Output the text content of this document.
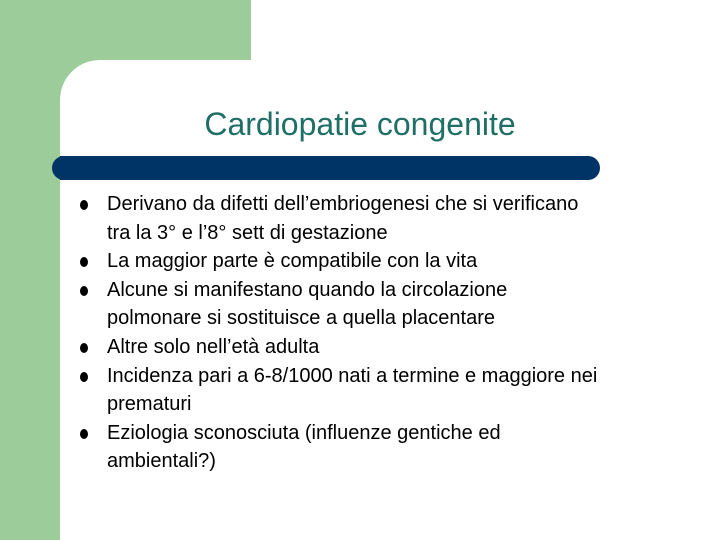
Cardiopatie congenite
Derivano da difetti dell’embriogenesi che si verificano
tra la 3° e l’8° sett di gestazione
La maggior parte è compatibile con la vita
Alcune si manifestano quando la circolazione
polmonare si sostituisce a quella placentare
Altre solo nell’età adulta
Incidenza pari a 6-8/1000 nati a termine e maggiore nei
prematuri
Eziologia sconosciuta (influenze gentiche ed
ambientali?)
